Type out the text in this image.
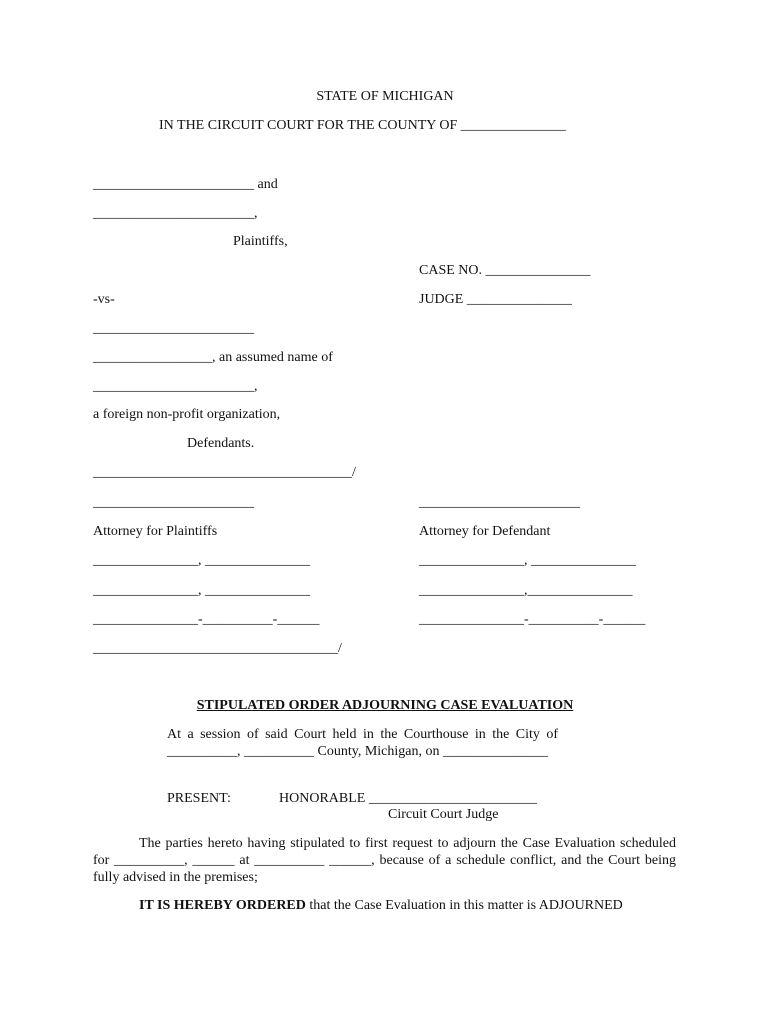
STATE OF MICHIGAN
IN THE CIRCUIT COURT FOR THE COUNTY OF _______________
_______________________ and
_______________________,
Plaintiffs,
CASE NO. _______________
-vs-	JUDGE _______________
_______________________
_________________, an assumed name of
_______________________,
a foreign non-profit organization,
Defendants.
_____________________________________/
_______________________	_______________________
Attorney for Plaintiffs	Attorney for Defendant
_______________, _______________	_______________, _______________
_______________, _______________	_______________,_______________
_______________-__________-______	_______________-__________-______
___________________________________/
STIPULATED ORDER ADJOURNING CASE EVALUATION
At a session of said Court held in the Courthouse in the City of __________, __________ County, Michigan, on _______________
PRESENT:	HONORABLE ________________________
Circuit Court Judge
The parties hereto having stipulated to first request to adjourn the Case Evaluation scheduled for __________, ______ at __________ ______, because of a schedule conflict, and the Court being fully advised in the premises;
IT IS HEREBY ORDERED that the Case Evaluation in this matter is ADJOURNED
